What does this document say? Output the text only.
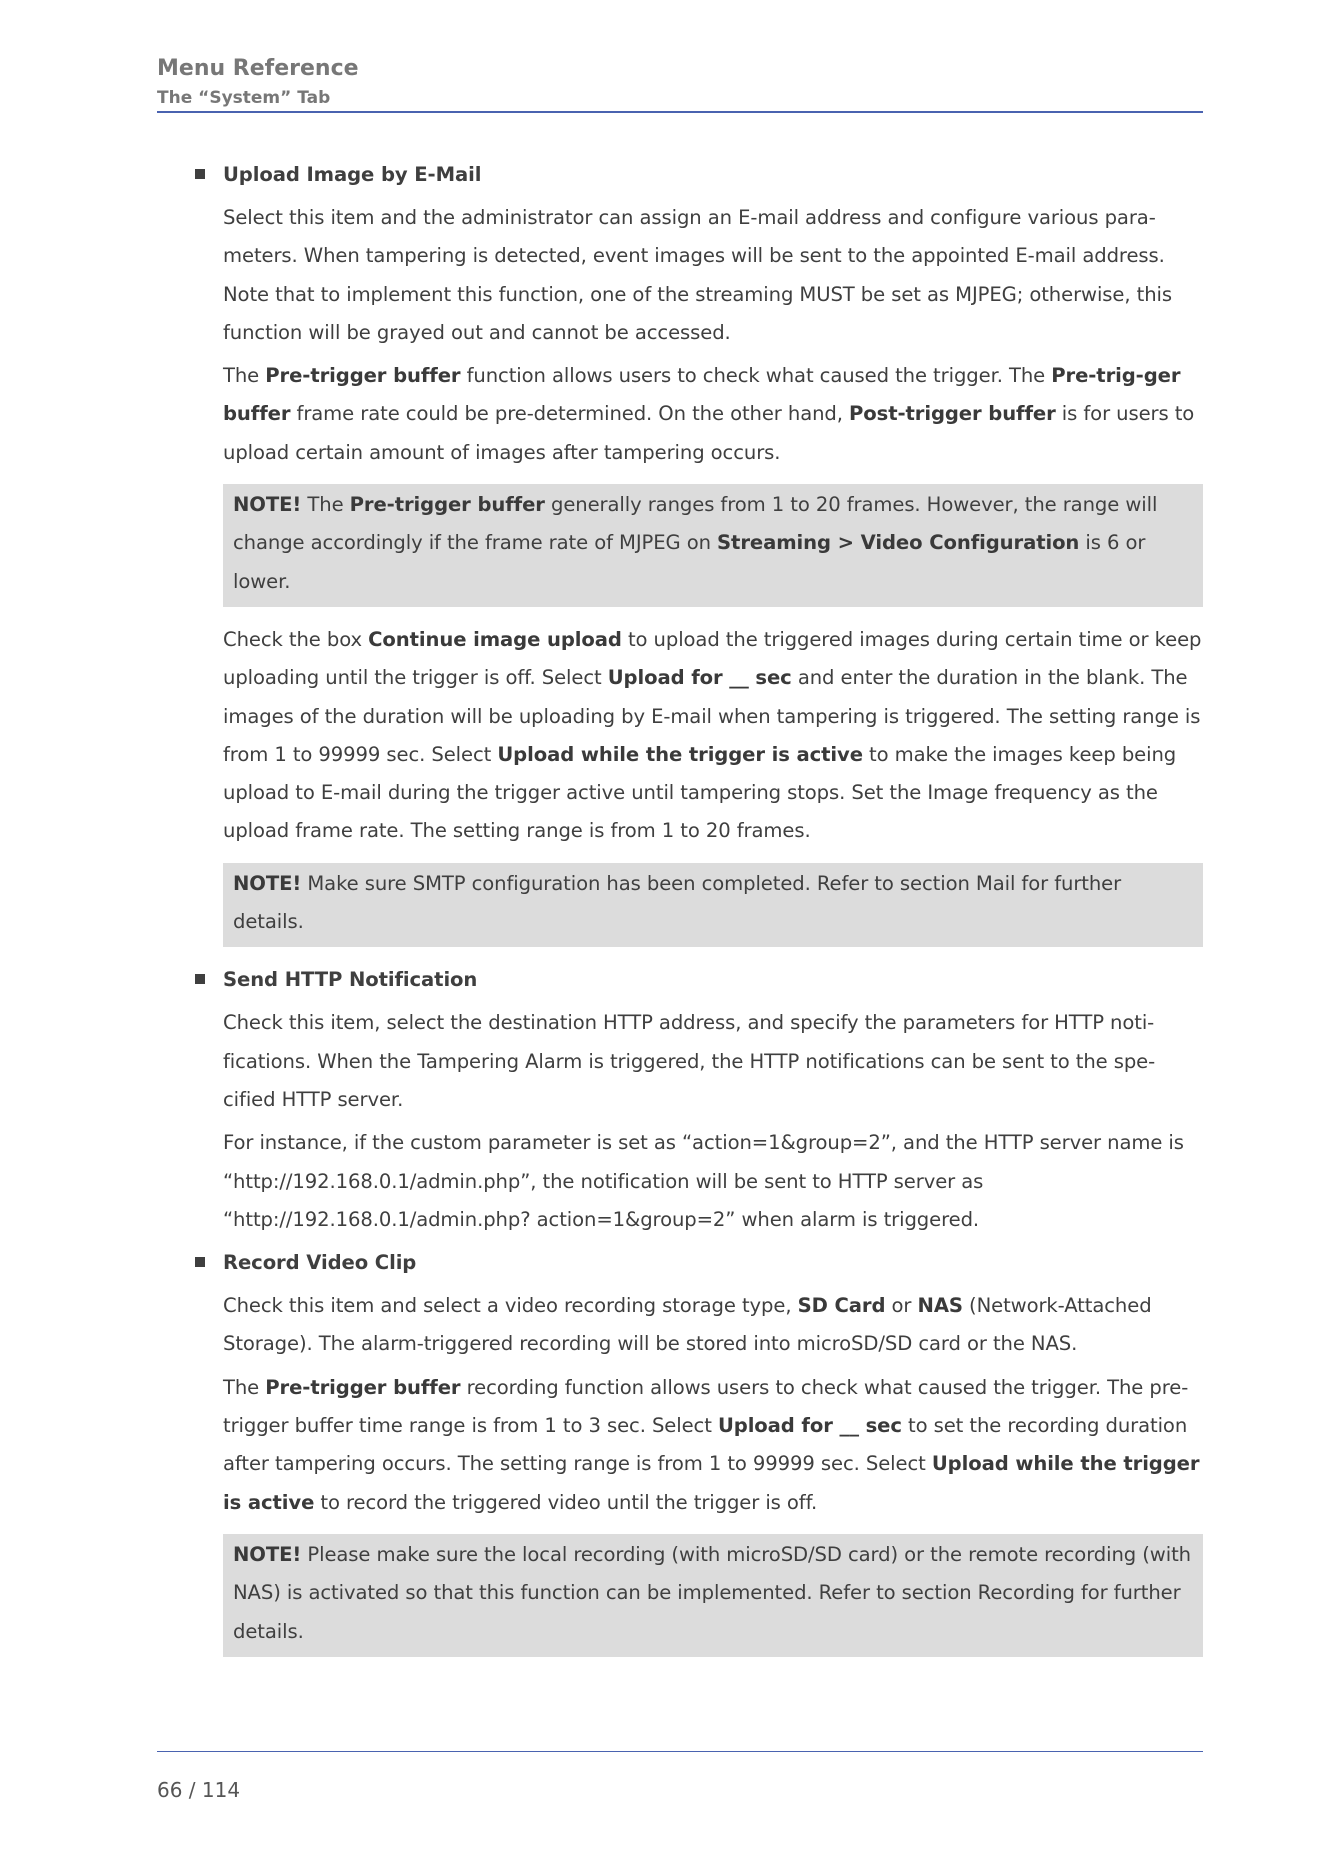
Menu Reference
The “System” Tab
Upload Image by E-Mail

Select this item and the administrator can assign an E-mail address and configure various para-meters. When tampering is detected, event images will be sent to the appointed E-mail address. Note that to implement this function, one of the streaming MUST be set as MJPEG; otherwise, this function will be grayed out and cannot be accessed.

The Pre-trigger buffer function allows users to check what caused the trigger. The Pre-trig-ger buffer frame rate could be pre-determined. On the other hand, Post-trigger buffer is for users to upload certain amount of images after tampering occurs.

NOTE! The Pre-trigger buffer generally ranges from 1 to 20 frames. However, the range will change accordingly if the frame rate of MJPEG on Streaming > Video Configuration is 6 or lower.

Check the box Continue image upload to upload the triggered images during certain time or keep uploading until the trigger is off. Select Upload for __ sec and enter the duration in the blank. The images of the duration will be uploading by E-mail when tampering is triggered. The setting range is from 1 to 99999 sec. Select Upload while the trigger is active to make the images keep being upload to E-mail during the trigger active until tampering stops. Set the Image frequency as the upload frame rate. The setting range is from 1 to 20 frames.

NOTE! Make sure SMTP configuration has been completed. Refer to section Mail for further details.

Send HTTP Notification

Check this item, select the destination HTTP address, and specify the parameters for HTTP noti-fications. When the Tampering Alarm is triggered, the HTTP notifications can be sent to the spe-cified HTTP server.

For instance, if the custom parameter is set as “action=1&group=2”, and the HTTP server name is “http://192.168.0.1/admin.php”, the notification will be sent to HTTP server as “http://192.168.0.1/admin.php? action=1&group=2” when alarm is triggered.

Record Video Clip

Check this item and select a video recording storage type, SD Card or NAS (Network-Attached Storage). The alarm-triggered recording will be stored into microSD/SD card or the NAS.

The Pre-trigger buffer recording function allows users to check what caused the trigger. The pre-trigger buffer time range is from 1 to 3 sec. Select Upload for __ sec to set the recording duration after tampering occurs. The setting range is from 1 to 99999 sec. Select Upload while the trigger is active to record the triggered video until the trigger is off.

NOTE! Please make sure the local recording (with microSD/SD card) or the remote recording (with NAS) is activated so that this function can be implemented. Refer to section Recording for further details.

66 / 114
